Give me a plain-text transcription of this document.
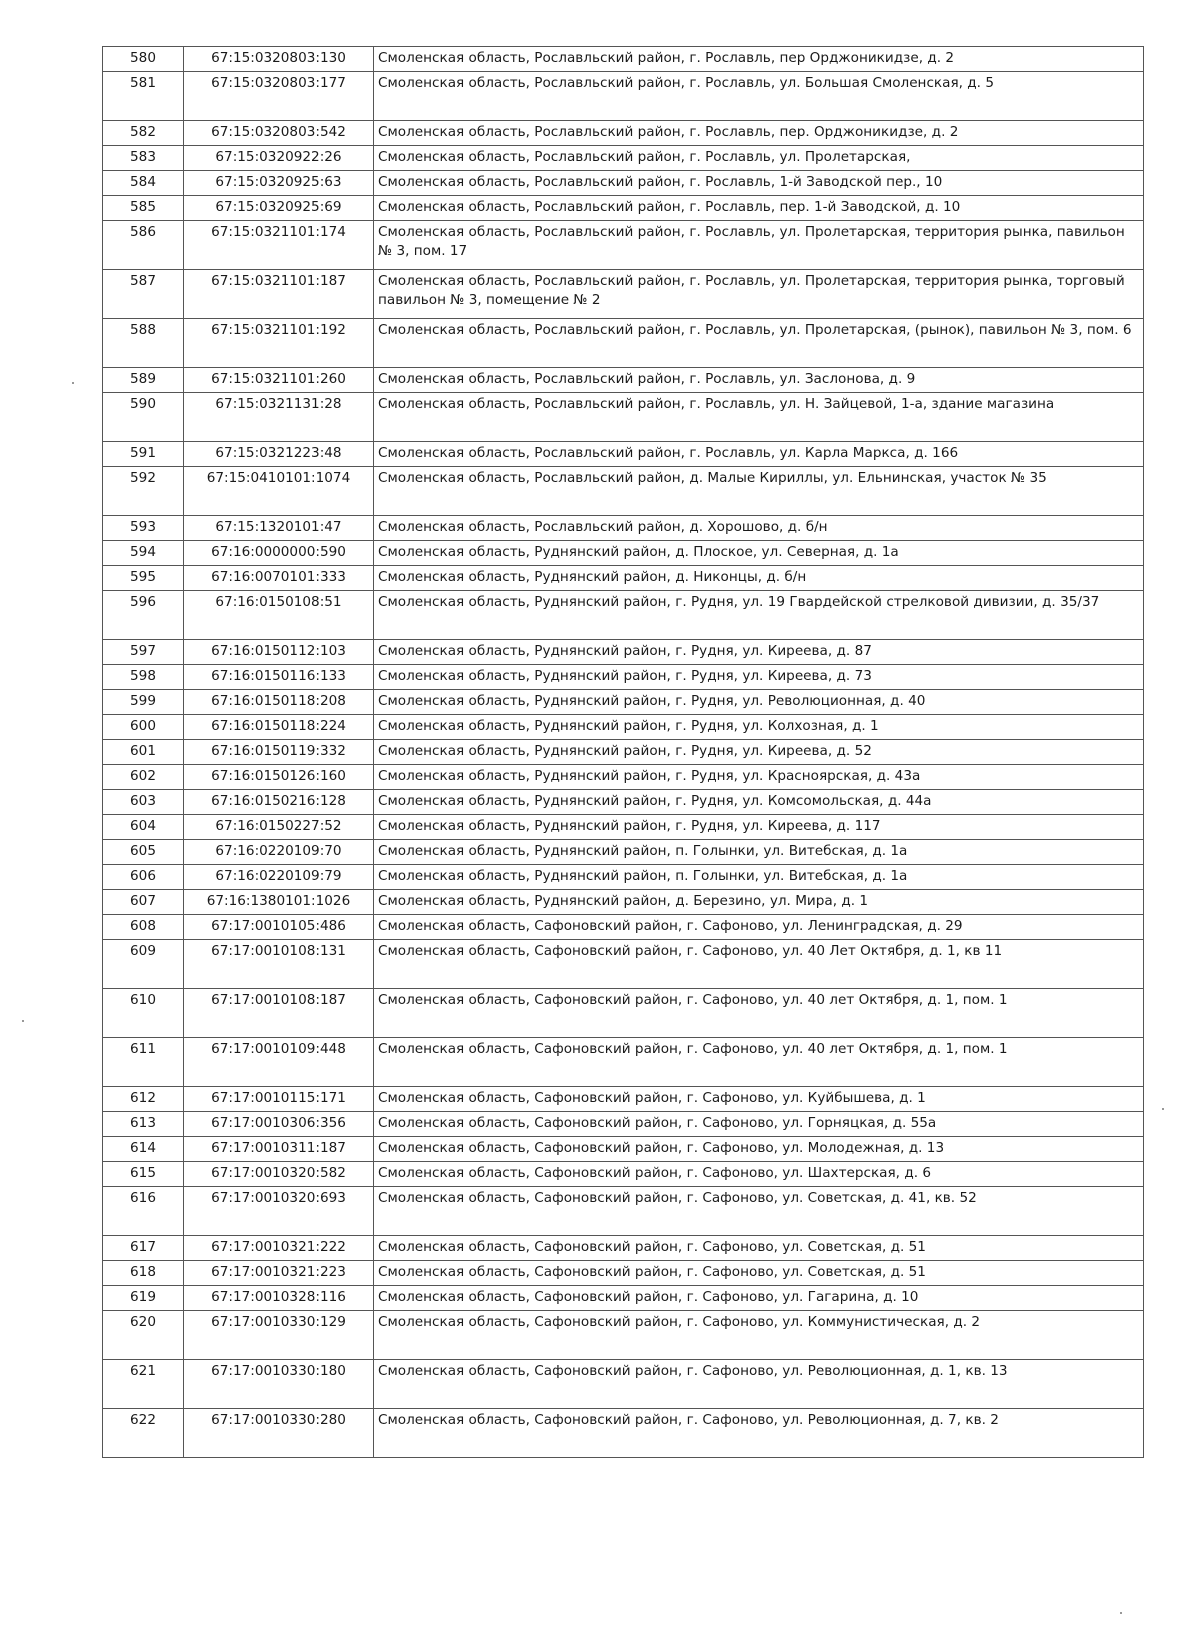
580	67:15:0320803:130	Смоленская область, Рославльский район, г. Рославль, пер Орджоникидзе, д. 2
581	67:15:0320803:177	Смоленская область, Рославльский район, г. Рославль, ул. Большая Смоленская, д. 5
582	67:15:0320803:542	Смоленская область, Рославльский район, г. Рославль, пер. Орджоникидзе, д. 2
583	67:15:0320922:26	Смоленская область, Рославльский район, г. Рославль, ул. Пролетарская,
584	67:15:0320925:63	Смоленская область, Рославльский район, г. Рославль, 1-й Заводской пер., 10
585	67:15:0320925:69	Смоленская область, Рославльский район, г. Рославль, пер. 1-й Заводской, д. 10
586	67:15:0321101:174	Смоленская область, Рославльский район, г. Рославль, ул. Пролетарская, территория рынка, павильон № 3, пом. 17
587	67:15:0321101:187	Смоленская область, Рославльский район, г. Рославль, ул. Пролетарская, территория рынка, торговый павильон № 3, помещение № 2
588	67:15:0321101:192	Смоленская область, Рославльский район, г. Рославль, ул. Пролетарская, (рынок), павильон № 3, пом. 6
589	67:15:0321101:260	Смоленская область, Рославльский район, г. Рославль, ул. Заслонова, д. 9
590	67:15:0321131:28	Смоленская область, Рославльский район, г. Рославль, ул. Н. Зайцевой, 1-а, здание магазина
591	67:15:0321223:48	Смоленская область, Рославльский район, г. Рославль, ул. Карла Маркса, д. 166
592	67:15:0410101:1074	Смоленская область, Рославльский район, д. Малые Кириллы, ул. Ельнинская, участок № 35
593	67:15:1320101:47	Смоленская область, Рославльский район, д. Хорошово, д. б/н
594	67:16:0000000:590	Смоленская область, Руднянский район, д. Плоское, ул. Северная, д. 1а
595	67:16:0070101:333	Смоленская область, Руднянский район, д. Никонцы, д. б/н
596	67:16:0150108:51	Смоленская область, Руднянский район, г. Рудня, ул. 19 Гвардейской стрелковой дивизии, д. 35/37
597	67:16:0150112:103	Смоленская область, Руднянский район, г. Рудня, ул. Киреева, д. 87
598	67:16:0150116:133	Смоленская область, Руднянский район, г. Рудня, ул. Киреева, д. 73
599	67:16:0150118:208	Смоленская область, Руднянский район, г. Рудня, ул. Революционная, д. 40
600	67:16:0150118:224	Смоленская область, Руднянский район, г. Рудня, ул. Колхозная, д. 1
601	67:16:0150119:332	Смоленская область, Руднянский район, г. Рудня, ул. Киреева, д. 52
602	67:16:0150126:160	Смоленская область, Руднянский район, г. Рудня, ул. Красноярская, д. 43а
603	67:16:0150216:128	Смоленская область, Руднянский район, г. Рудня, ул. Комсомольская, д. 44а
604	67:16:0150227:52	Смоленская область, Руднянский район, г. Рудня, ул. Киреева, д. 117
605	67:16:0220109:70	Смоленская область, Руднянский район, п. Голынки, ул. Витебская, д. 1а
606	67:16:0220109:79	Смоленская область, Руднянский район, п. Голынки, ул. Витебская, д. 1а
607	67:16:1380101:1026	Смоленская область, Руднянский район, д. Березино, ул. Мира, д. 1
608	67:17:0010105:486	Смоленская область, Сафоновский район, г. Сафоново, ул. Ленинградская, д. 29
609	67:17:0010108:131	Смоленская область, Сафоновский район, г. Сафоново, ул. 40 Лет Октября, д. 1, кв 11
610	67:17:0010108:187	Смоленская область, Сафоновский район, г. Сафоново, ул. 40 лет Октября, д. 1, пом. 1
611	67:17:0010109:448	Смоленская область, Сафоновский район, г. Сафоново, ул. 40 лет Октября, д. 1, пом. 1
612	67:17:0010115:171	Смоленская область, Сафоновский район, г. Сафоново, ул. Куйбышева, д. 1
613	67:17:0010306:356	Смоленская область, Сафоновский район, г. Сафоново, ул. Горняцкая, д. 55а
614	67:17:0010311:187	Смоленская область, Сафоновский район, г. Сафоново, ул. Молодежная, д. 13
615	67:17:0010320:582	Смоленская область, Сафоновский район, г. Сафоново, ул. Шахтерская, д. 6
616	67:17:0010320:693	Смоленская область, Сафоновский район, г. Сафоново, ул. Советская, д. 41, кв. 52
617	67:17:0010321:222	Смоленская область, Сафоновский район, г. Сафоново, ул. Советская, д. 51
618	67:17:0010321:223	Смоленская область, Сафоновский район, г. Сафоново, ул. Советская, д. 51
619	67:17:0010328:116	Смоленская область, Сафоновский район, г. Сафоново, ул. Гагарина, д. 10
620	67:17:0010330:129	Смоленская область, Сафоновский район, г. Сафоново, ул. Коммунистическая, д. 2
621	67:17:0010330:180	Смоленская область, Сафоновский район, г. Сафоново, ул. Революционная, д. 1, кв. 13
622	67:17:0010330:280	Смоленская область, Сафоновский район, г. Сафоново, ул. Революционная, д. 7, кв. 2
